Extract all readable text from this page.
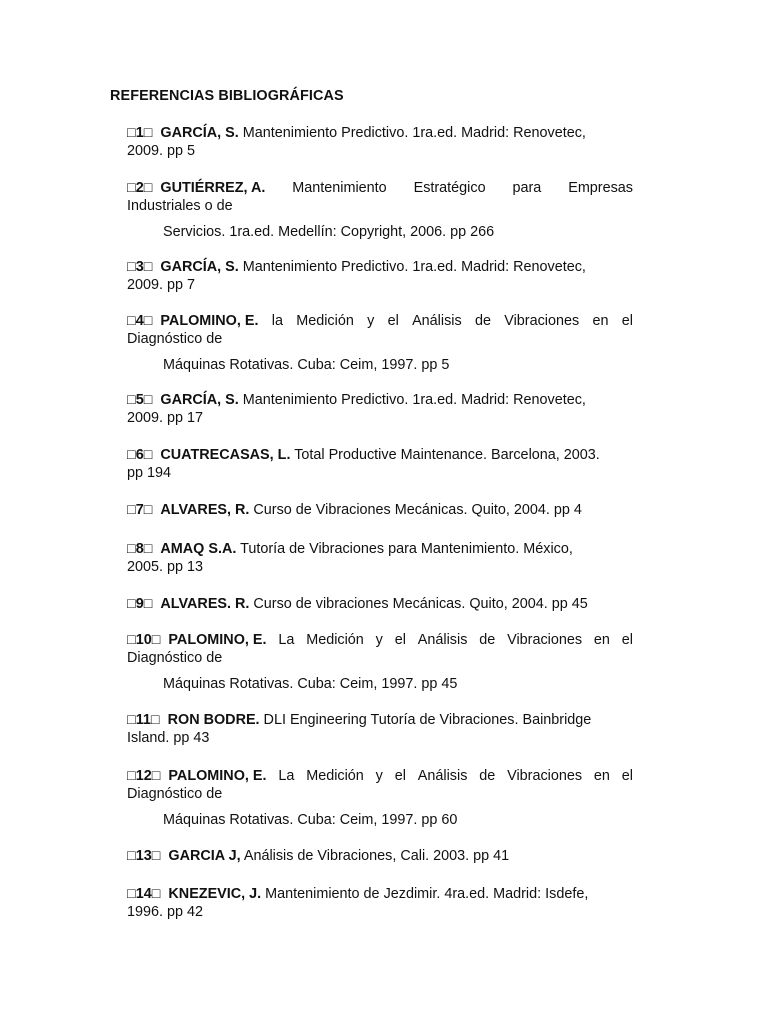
REFERENCIAS BIBLIOGRÁFICAS
□1□ GARCÍA, S. Mantenimiento Predictivo. 1ra.ed. Madrid: Renovetec,
2009. pp 5
□2□ GUTIÉRREZ, A. Mantenimiento Estratégico para Empresas
Industriales o de
Servicios. 1ra.ed. Medellín: Copyright, 2006. pp 266
□3□ GARCÍA, S. Mantenimiento Predictivo. 1ra.ed. Madrid: Renovetec,
2009. pp 7
□4□ PALOMINO, E. la Medición y el Análisis de Vibraciones en el
Diagnóstico de
Máquinas Rotativas. Cuba: Ceim, 1997. pp 5
□5□ GARCÍA, S. Mantenimiento Predictivo. 1ra.ed. Madrid: Renovetec,
2009. pp 17
□6□ CUATRECASAS, L. Total Productive Maintenance. Barcelona, 2003.
pp 194
□7□ ALVARES, R. Curso de Vibraciones Mecánicas. Quito, 2004. pp 4
□8□ AMAQ S.A. Tutoría de Vibraciones para Mantenimiento. México,
2005. pp 13
□9□ ALVARES. R. Curso de vibraciones Mecánicas. Quito, 2004. pp 45
□10□ PALOMINO, E. La Medición y el Análisis de Vibraciones en el
Diagnóstico de
Máquinas Rotativas. Cuba: Ceim, 1997. pp 45
□11□ RON BODRE. DLI Engineering Tutoría de Vibraciones. Bainbridge
Island. pp 43
□12□ PALOMINO, E. La Medición y el Análisis de Vibraciones en el
Diagnóstico de
Máquinas Rotativas. Cuba: Ceim, 1997. pp 60
□13□ GARCIA J, Análisis de Vibraciones, Cali. 2003. pp 41
□14□ KNEZEVIC, J. Mantenimiento de Jezdimir. 4ra.ed. Madrid: Isdefe,
1996. pp 42
